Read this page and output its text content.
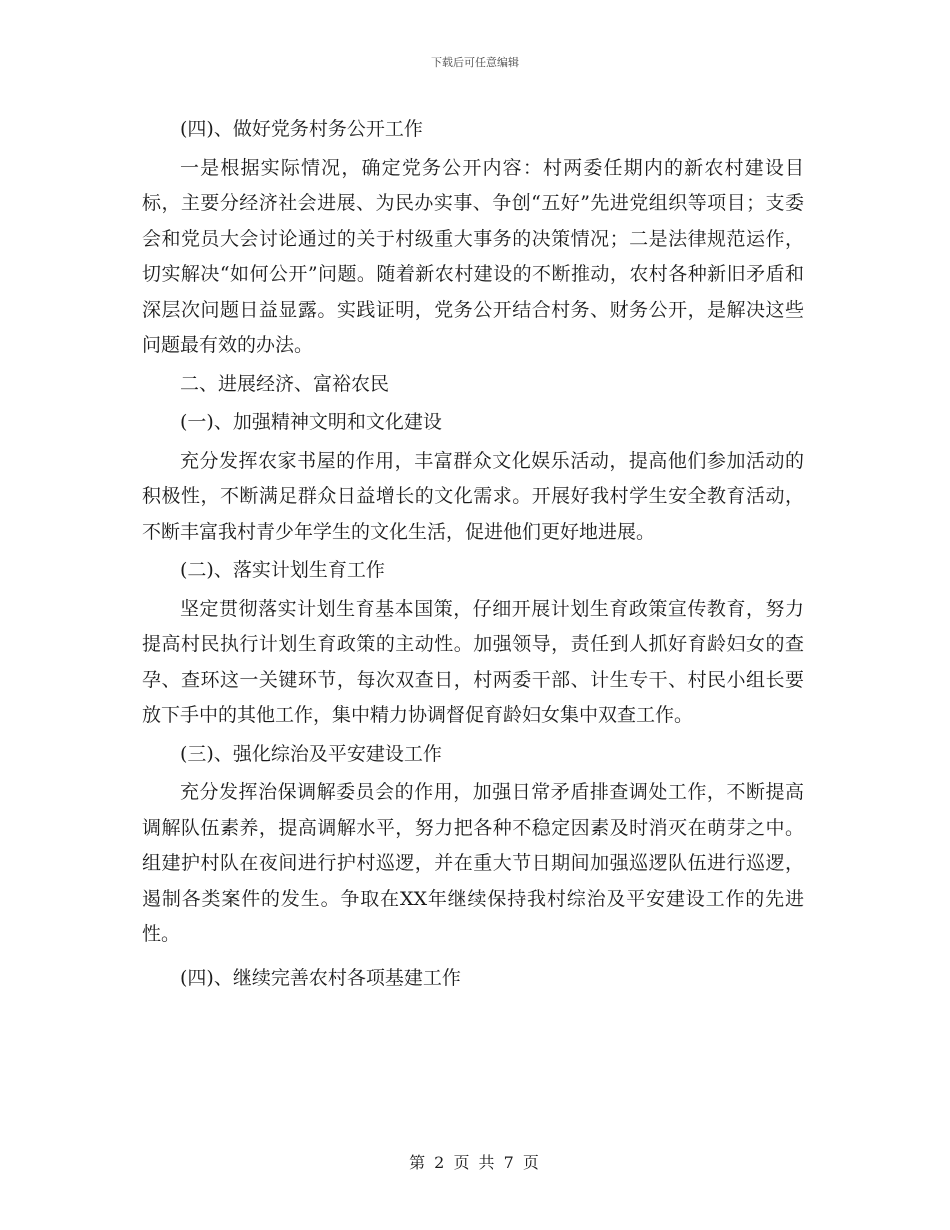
下载后可任意编辑

(四)、做好党务村务公开工作

一是根据实际情况，确定党务公开内容：村两委任期内的新农村建设目标，主要分经济社会进展、为民办实事、争创“五好”先进党组织等项目；支委会和党员大会讨论通过的关于村级重大事务的决策情况；二是法律规范运作，切实解决“如何公开”问题。随着新农村建设的不断推动，农村各种新旧矛盾和深层次问题日益显露。实践证明，党务公开结合村务、财务公开，是解决这些问题最有效的办法。

二、进展经济、富裕农民

(一)、加强精神文明和文化建设

充分发挥农家书屋的作用，丰富群众文化娱乐活动，提高他们参加活动的积极性，不断满足群众日益增长的文化需求。开展好我村学生安全教育活动，不断丰富我村青少年学生的文化生活，促进他们更好地进展。

(二)、落实计划生育工作

坚定贯彻落实计划生育基本国策，仔细开展计划生育政策宣传教育，努力提高村民执行计划生育政策的主动性。加强领导，责任到人抓好育龄妇女的查孕、查环这一关键环节，每次双查日，村两委干部、计生专干、村民小组长要放下手中的其他工作，集中精力协调督促育龄妇女集中双查工作。

(三)、强化综治及平安建设工作

充分发挥治保调解委员会的作用，加强日常矛盾排查调处工作，不断提高调解队伍素养，提高调解水平，努力把各种不稳定因素及时消灭在萌芽之中。组建护村队在夜间进行护村巡逻，并在重大节日期间加强巡逻队伍进行巡逻，遏制各类案件的发生。争取在XX年继续保持我村综治及平安建设工作的先进性。

(四)、继续完善农村各项基建工作

第 2 页 共 7 页
